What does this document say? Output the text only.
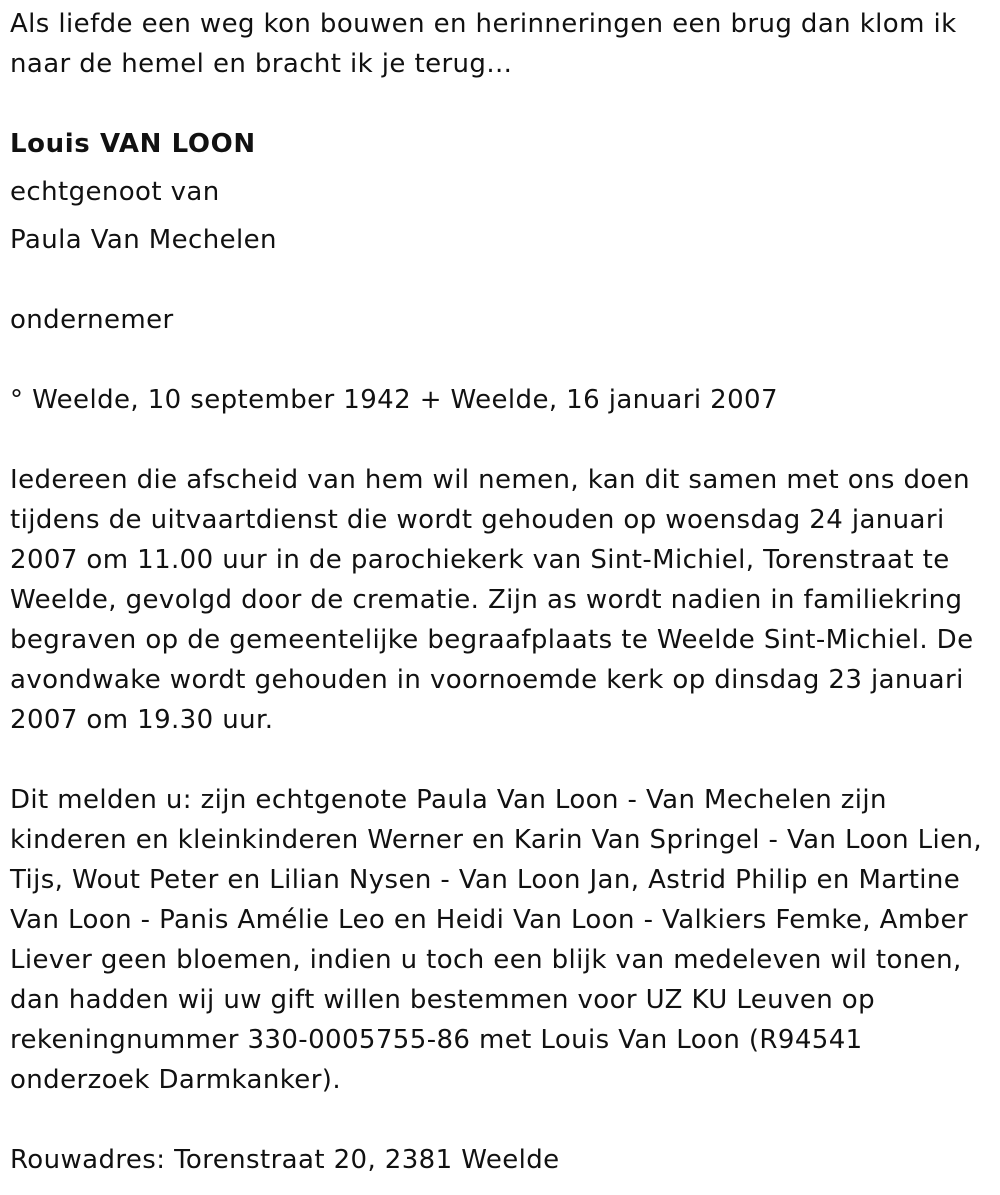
Als liefde een weg kon bouwen en herinneringen een brug dan klom ik
naar de hemel en bracht ik je terug...

Louis VAN LOON

echtgenoot van

Paula Van Mechelen

ondernemer

° Weelde, 10 september 1942 + Weelde, 16 januari 2007

Iedereen die afscheid van hem wil nemen, kan dit samen met ons doen
tijdens de uitvaartdienst die wordt gehouden op woensdag 24 januari
2007 om 11.00 uur in de parochiekerk van Sint-Michiel, Torenstraat te
Weelde, gevolgd door de crematie. Zijn as wordt nadien in familiekring
begraven op de gemeentelijke begraafplaats te Weelde Sint-Michiel. De
avondwake wordt gehouden in voornoemde kerk op dinsdag 23 januari
2007 om 19.30 uur.

Dit melden u: zijn echtgenote Paula Van Loon - Van Mechelen zijn
kinderen en kleinkinderen Werner en Karin Van Springel - Van Loon Lien,
Tijs, Wout Peter en Lilian Nysen - Van Loon Jan, Astrid Philip en Martine
Van Loon - Panis Amélie Leo en Heidi Van Loon - Valkiers Femke, Amber
Liever geen bloemen, indien u toch een blijk van medeleven wil tonen,
dan hadden wij uw gift willen bestemmen voor UZ KU Leuven op
rekeningnummer 330-0005755-86 met Louis Van Loon (R94541
onderzoek Darmkanker).

Rouwadres: Torenstraat 20, 2381 Weelde
